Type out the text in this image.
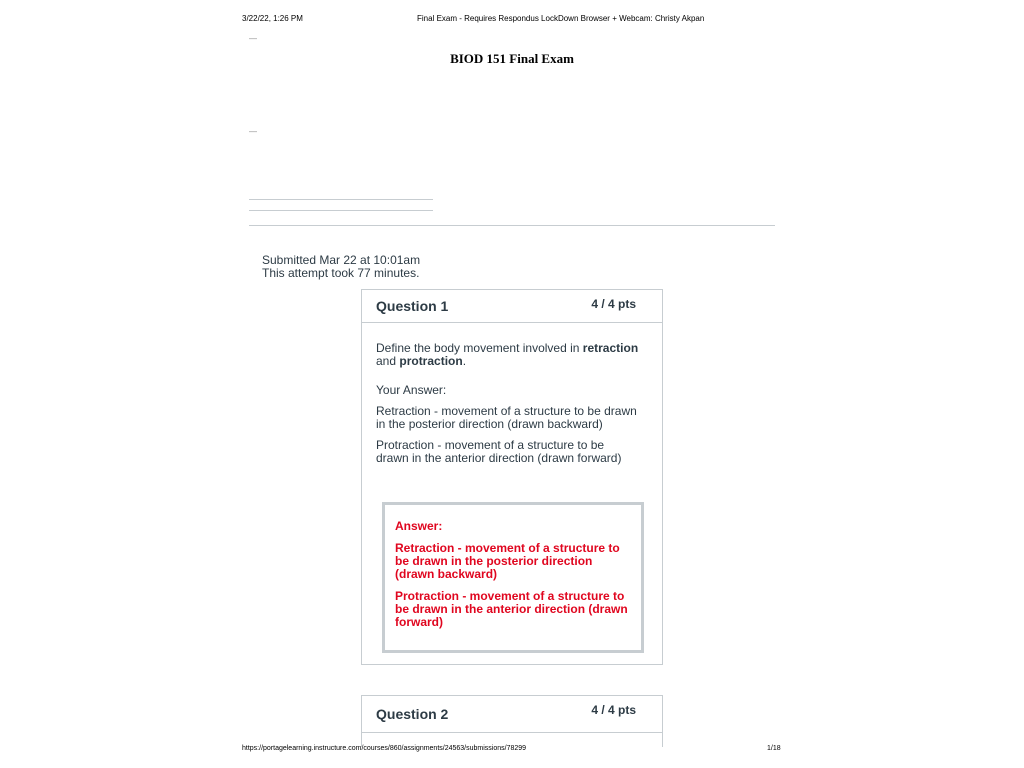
3/22/22, 1:26 PM	Final Exam - Requires Respondus LockDown Browser + Webcam: Christy Akpan
—
BIOD 151 Final Exam
—
Submitted Mar 22 at 10:01am
This attempt took 77 minutes.
Question 1	4 / 4 pts

Define the body movement involved in retraction and protraction.

Your Answer:

Retraction - movement of a structure to be drawn in the posterior direction (drawn backward)

Protraction - movement of a structure to be drawn in the anterior direction (drawn forward)

Answer:

Retraction - movement of a structure to be drawn in the posterior direction (drawn backward)

Protraction - movement of a structure to be drawn in the anterior direction (drawn forward)

Question 2	4 / 4 pts
https://portagelearning.instructure.com/courses/860/assignments/24563/submissions/78299	1/18
